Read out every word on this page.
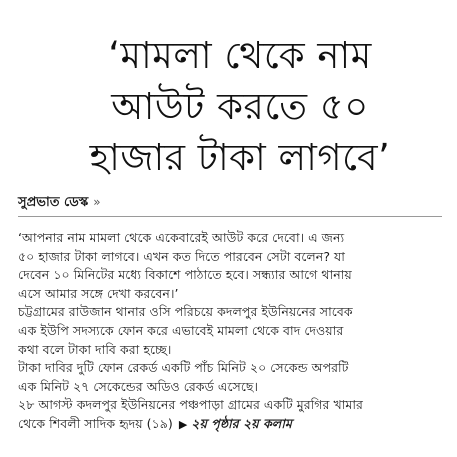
‘মামলা থেকে নাম
আউট করতে ৫০
হাজার টাকা লাগবে’
সুপ্রভাত ডেস্ক »
‘আপনার নাম মামলা থেকে একেবারেই আউট করে দেবো। এ জন্য
৫০ হাজার টাকা লাগবে। এখন কত দিতে পারবেন সেটা বলেন? যা
দেবেন ১০ মিনিটের মধ্যে বিকাশে পাঠাতে হবে। সন্ধ্যার আগে থানায়
এসে আমার সঙ্গে দেখা করবেন।’
চট্টগ্রামের রাউজান থানার ওসি পরিচয়ে কদলপুর ইউনিয়নের সাবেক
এক ইউপি সদস্যকে ফোন করে এভাবেই মামলা থেকে বাদ দেওয়ার
কথা বলে টাকা দাবি করা হচ্ছে।
টাকা দাবির দুটি ফোন রেকর্ড একটি পাঁচ মিনিট ২০ সেকেন্ড অপরটি
এক মিনিট ২৭ সেকেন্ডের অডিও রেকর্ড এসেছে।
২৮ আগস্ট কদলপুর ইউনিয়নের পঞ্চপাড়া গ্রামের একটি মুরগির খামার
থেকে শিবলী সাদিক হৃদয় (১৯) ▶ ২য় পৃষ্ঠার ২য় কলাম
